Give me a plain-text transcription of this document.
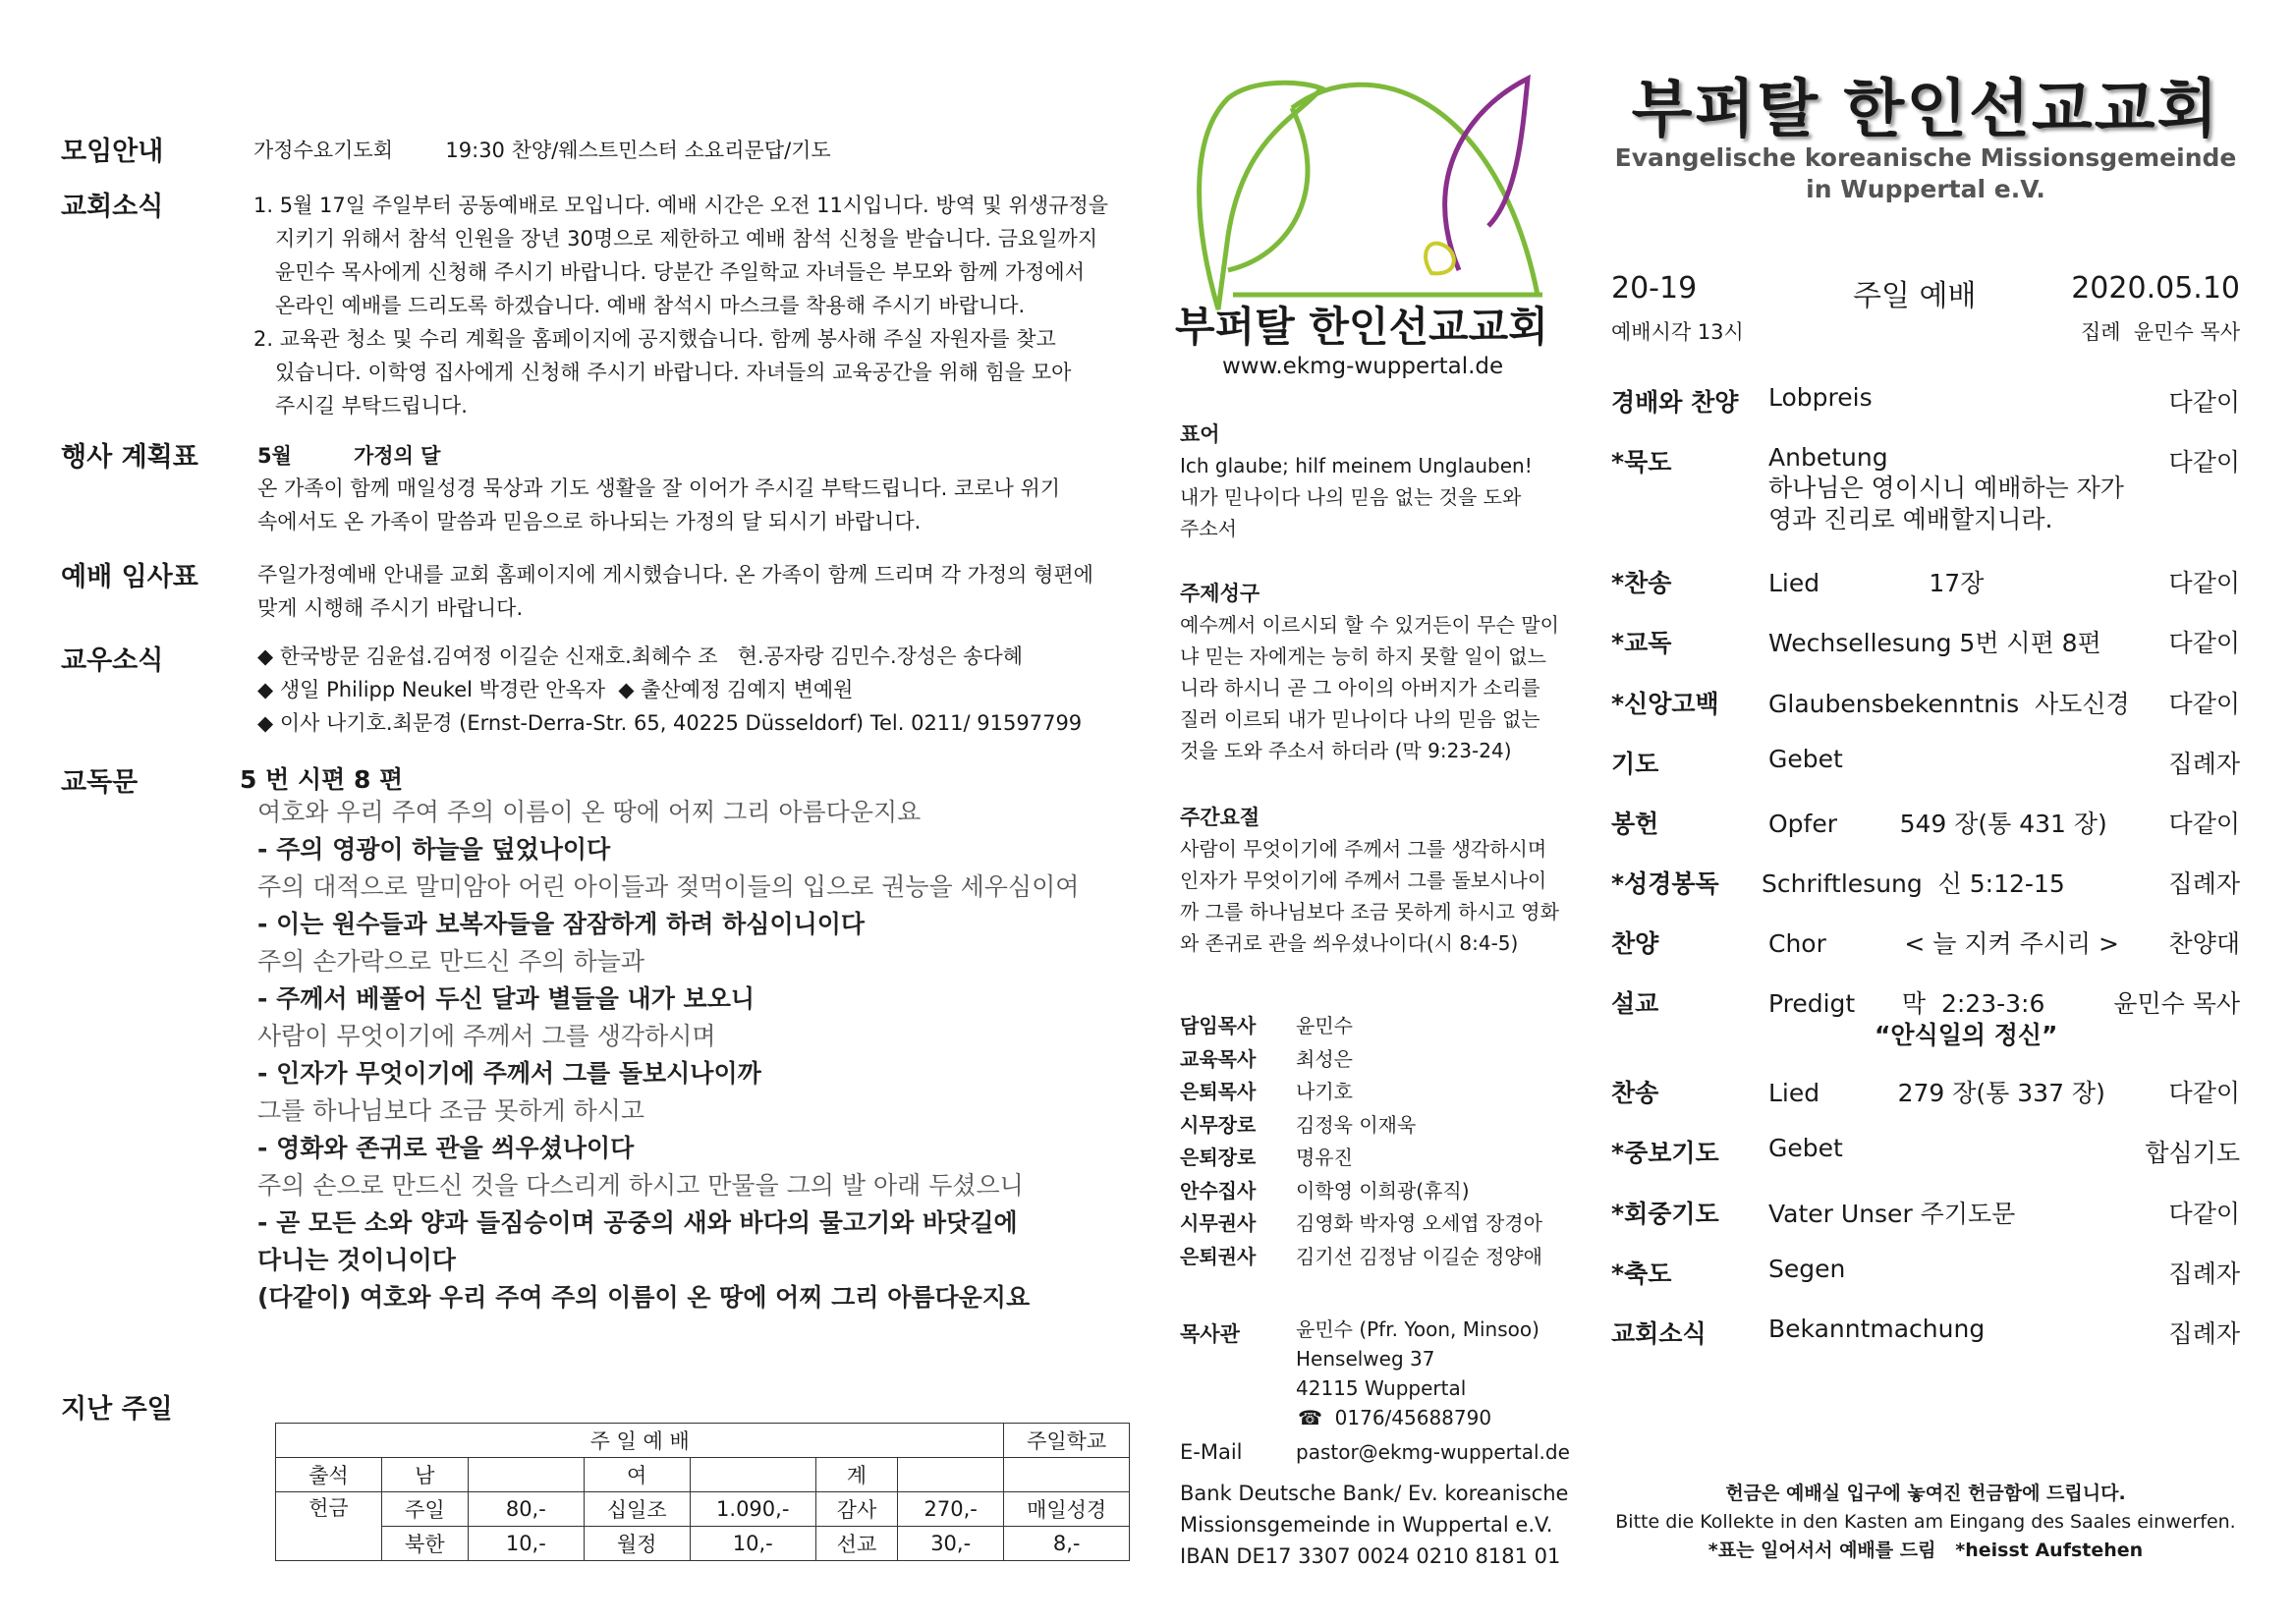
모임안내	가정수요기도회        19:30 찬양/웨스트민스터 소요리문답/기도
교회소식	1. 5월 17일 주일부터 공동예배로 모입니다. 예배 시간은 오전 11시입니다. 방역 및 위생규정을
지키기 위해서 참석 인원을 장년 30명으로 제한하고 예배 참석 신청을 받습니다. 금요일까지
윤민수 목사에게 신청해 주시기 바랍니다. 당분간 주일학교 자녀들은 부모와 함께 가정에서
온라인 예배를 드리도록 하겠습니다. 예배 참석시 마스크를 착용해 주시기 바랍니다.
2. 교육관 청소 및 수리 계획을 홈페이지에 공지했습니다. 함께 봉사해 주실 자원자를 찾고
있습니다. 이학영 집사에게 신청해 주시기 바랍니다. 자녀들의 교육공간을 위해 힘을 모아
주시길 부탁드립니다.
행사 계획표	5월	가정의 달
온 가족이 함께 매일성경 묵상과 기도 생활을 잘 이어가 주시길 부탁드립니다. 코로나 위기
속에서도 온 가족이 말씀과 믿음으로 하나되는 가정의 달 되시기 바랍니다.
예배 임사표	주일가정예배 안내를 교회 홈페이지에 게시했습니다. 온 가족이 함께 드리며 각 가정의 형편에
맞게 시행해 주시기 바랍니다.
교우소식	◆ 한국방문 김윤섭.김여정 이길순 신재호.최혜수 조   현.공자랑 김민수.장성은 송다혜
◆ 생일 Philipp Neukel 박경란 안옥자  ◆ 출산예정 김예지 변예원
◆ 이사 나기호.최문경 (Ernst-Derra-Str. 65, 40225 Düsseldorf) Tel. 0211/ 91597799
교독문	5 번 시편 8 편
여호와 우리 주여 주의 이름이 온 땅에 어찌 그리 아름다운지요
- 주의 영광이 하늘을 덮었나이다
주의 대적으로 말미암아 어린 아이들과 젖먹이들의 입으로 권능을 세우심이여
- 이는 원수들과 보복자들을 잠잠하게 하려 하심이니이다
주의 손가락으로 만드신 주의 하늘과
- 주께서 베풀어 두신 달과 별들을 내가 보오니
사람이 무엇이기에 주께서 그를 생각하시며
- 인자가 무엇이기에 주께서 그를 돌보시나이까
그를 하나님보다 조금 못하게 하시고
- 영화와 존귀로 관을 씌우셨나이다
주의 손으로 만드신 것을 다스리게 하시고 만물을 그의 발 아래 두셨으니
- 곧 모든 소와 양과 들짐승이며 공중의 새와 바다의 물고기와 바닷길에
다니는 것이니이다
(다같이) 여호와 우리 주여 주의 이름이 온 땅에 어찌 그리 아름다운지요
지난 주일
주 일 예 배							주일학교
출석	남		여		계		
헌금	주일	80,-	십일조	1.090,-	감사	270,-	매일성경
	북한	10,-	월정	10,-	선교	30,-	8,-
부퍼탈 한인선교교회
www.ekmg-wuppertal.de
표어
Ich glaube; hilf meinem Unglauben!
내가 믿나이다 나의 믿음 없는 것을 도와
주소서
주제성구
예수께서 이르시되 할 수 있거든이 무슨 말이
냐 믿는 자에게는 능히 하지 못할 일이 없느
니라 하시니 곧 그 아이의 아버지가 소리를
질러 이르되 내가 믿나이다 나의 믿음 없는
것을 도와 주소서 하더라 (막 9:23-24)
주간요절
사람이 무엇이기에 주께서 그를 생각하시며
인자가 무엇이기에 주께서 그를 돌보시나이
까 그를 하나님보다 조금 못하게 하시고 영화
와 존귀로 관을 씌우셨나이다(시 8:4-5)
담임목사 윤민수
교육목사 최성은
은퇴목사 나기호
시무장로 김정욱 이재욱
은퇴장로 명유진
안수집사 이학영 이희광(휴직)
시무권사 김영화 박자영 오세엽 장경아
은퇴권사 김기선 김정남 이길순 정양애
목사관	윤민수 (Pfr. Yoon, Minsoo)
Henselweg 37
42115 Wuppertal
☎ 0176/45688790
E-Mail	pastor@ekmg-wuppertal.de
Bank Deutsche Bank/ Ev. koreanische
Missionsgemeinde in Wuppertal e.V.
IBAN DE17 3307 0024 0210 8181 01
부퍼탈 한인선교교회
Evangelische koreanische Missionsgemeinde
in Wuppertal e.V.
20-19	주일 예배	2020.05.10
예배시각 13시	집례  윤민수 목사
경배와 찬양 Lobpreis	다같이
*묵도	Anbetung	다같이
하나님은 영이시니 예배하는 자가
영과 진리로 예배할지니라.
*찬송	Lied              17장	다같이
*교독	Wechsellesung 5번 시편 8편	다같이
*신앙고백 Glaubensbekenntnis  사도신경 다같이
기도	Gebet	집례자
봉헌	Opfer        549 장(통 431 장)	다같이
*성경봉독 Schriftlesung  신 5:12-15	집례자
찬양	Chor          < 늘 지켜 주시리 > 찬양대
설교	Predigt      막  2:23-3:6	윤민수 목사
“안식일의 정신”
찬송	Lied          279 장(통 337 장)	다같이
*중보기도 Gebet	합심기도
*회중기도 Vater Unser 주기도문	다같이
*축도	Segen	집례자
교회소식	Bekanntmachung	집례자
헌금은 예배실 입구에 놓여진 헌금함에 드립니다.
Bitte die Kollekte in den Kasten am Eingang des Saales einwerfen.
*표는 일어서서 예배를 드림   *heisst Aufstehen
